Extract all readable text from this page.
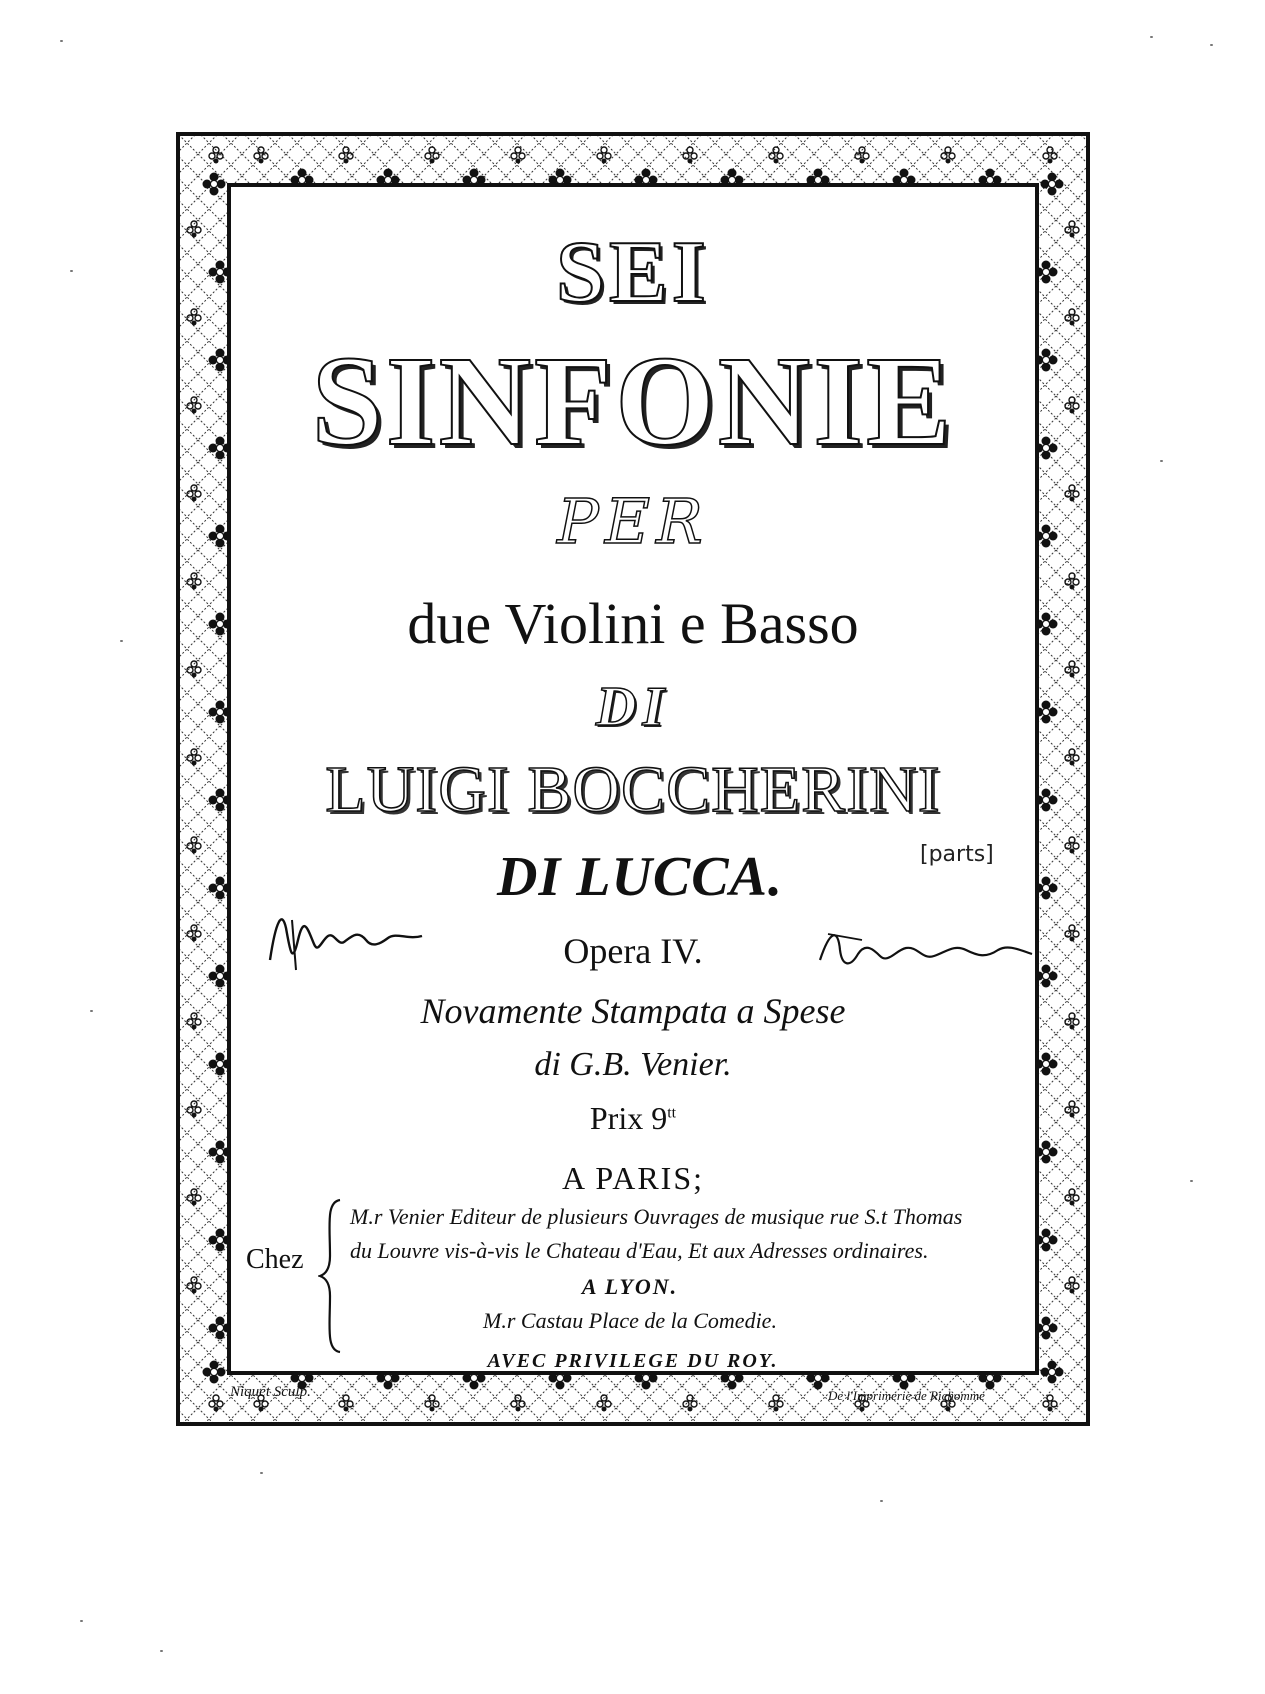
SEI
SINFONIE
PER
due Violini e Basso
DI
LUIGI BOCCHERINI
DI LUCCA.	[parts]
Opera IV.
Novamente Stampata a Spese
di G.B. Venier.
Prix $9^{tt}$
A PARIS;
Chez
M.r Venier Editeur de plusieurs Ouvrages de musique rue S.t Thomas
du Louvre vis-à-vis le Chateau d'Eau, Et aux Adresses ordinaires.
A LYON.
M.r Castau Place de la Comedie.
AVEC PRIVILEGE DU ROY.
Niquet Sculp.	De l'Imprimerie de Richomme
